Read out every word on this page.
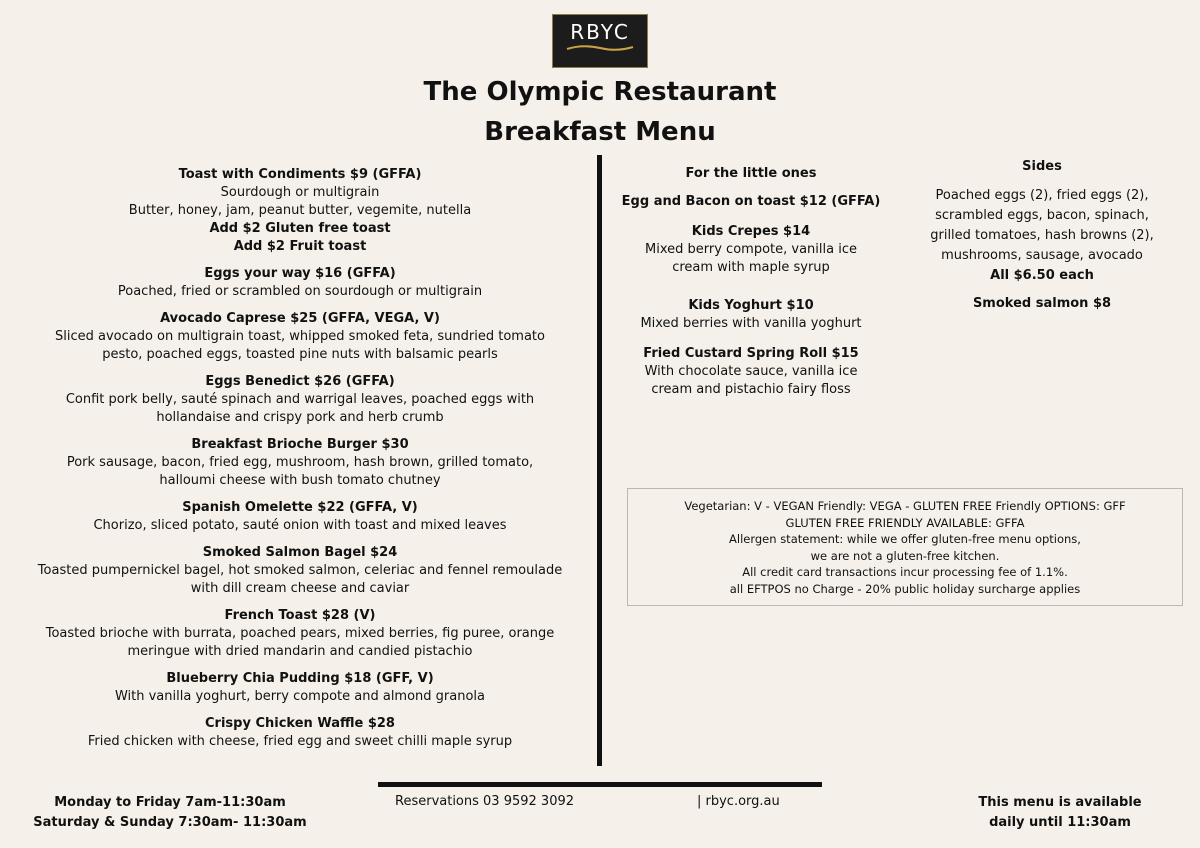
RBYC
The Olympic Restaurant
Breakfast Menu
Toast with Condiments $9 (GFFA)
Sourdough or multigrain
Butter, honey, jam, peanut butter, vegemite, nutella
Add $2 Gluten free toast
Add $2 Fruit toast
Eggs your way $16 (GFFA)
Poached, fried or scrambled on sourdough or multigrain
Avocado Caprese $25 (GFFA, VEGA, V)
Sliced avocado on multigrain toast, whipped smoked feta, sundried tomato
pesto, poached eggs, toasted pine nuts with balsamic pearls
Eggs Benedict $26 (GFFA)
Confit pork belly, sauté spinach and warrigal leaves, poached eggs with
hollandaise and crispy pork and herb crumb
Breakfast Brioche Burger $30
Pork sausage, bacon, fried egg, mushroom, hash brown, grilled tomato,
halloumi cheese with bush tomato chutney
Spanish Omelette $22 (GFFA, V)
Chorizo, sliced potato, sauté onion with toast and mixed leaves
Smoked Salmon Bagel $24
Toasted pumpernickel bagel, hot smoked salmon, celeriac and fennel remoulade
with dill cream cheese and caviar
French Toast $28 (V)
Toasted brioche with burrata, poached pears, mixed berries, fig puree, orange
meringue with dried mandarin and candied pistachio
Blueberry Chia Pudding $18 (GFF, V)
With vanilla yoghurt, berry compote and almond granola
Crispy Chicken Waffle $28
Fried chicken with cheese, fried egg and sweet chilli maple syrup
For the little ones
Egg and Bacon on toast $12 (GFFA)
Kids Crepes $14
Mixed berry compote, vanilla ice
cream with maple syrup
Kids Yoghurt $10
Mixed berries with vanilla yoghurt
Fried Custard Spring Roll $15
With chocolate sauce, vanilla ice
cream and pistachio fairy floss
Sides
Poached eggs (2), fried eggs (2),
scrambled eggs, bacon, spinach,
grilled tomatoes, hash browns (2),
mushrooms, sausage, avocado
All $6.50 each
Smoked salmon $8
Vegetarian: V - VEGAN Friendly: VEGA - GLUTEN FREE Friendly OPTIONS: GFF
GLUTEN FREE FRIENDLY AVAILABLE: GFFA
Allergen statement: while we offer gluten-free menu options,
we are not a gluten-free kitchen.
All credit card transactions incur processing fee of 1.1%.
all EFTPOS no Charge - 20% public holiday surcharge applies
Monday to Friday 7am-11:30am
Saturday & Sunday 7:30am- 11:30am
Reservations 03 9592 3092	| rbyc.org.au	This menu is available
daily until 11:30am
